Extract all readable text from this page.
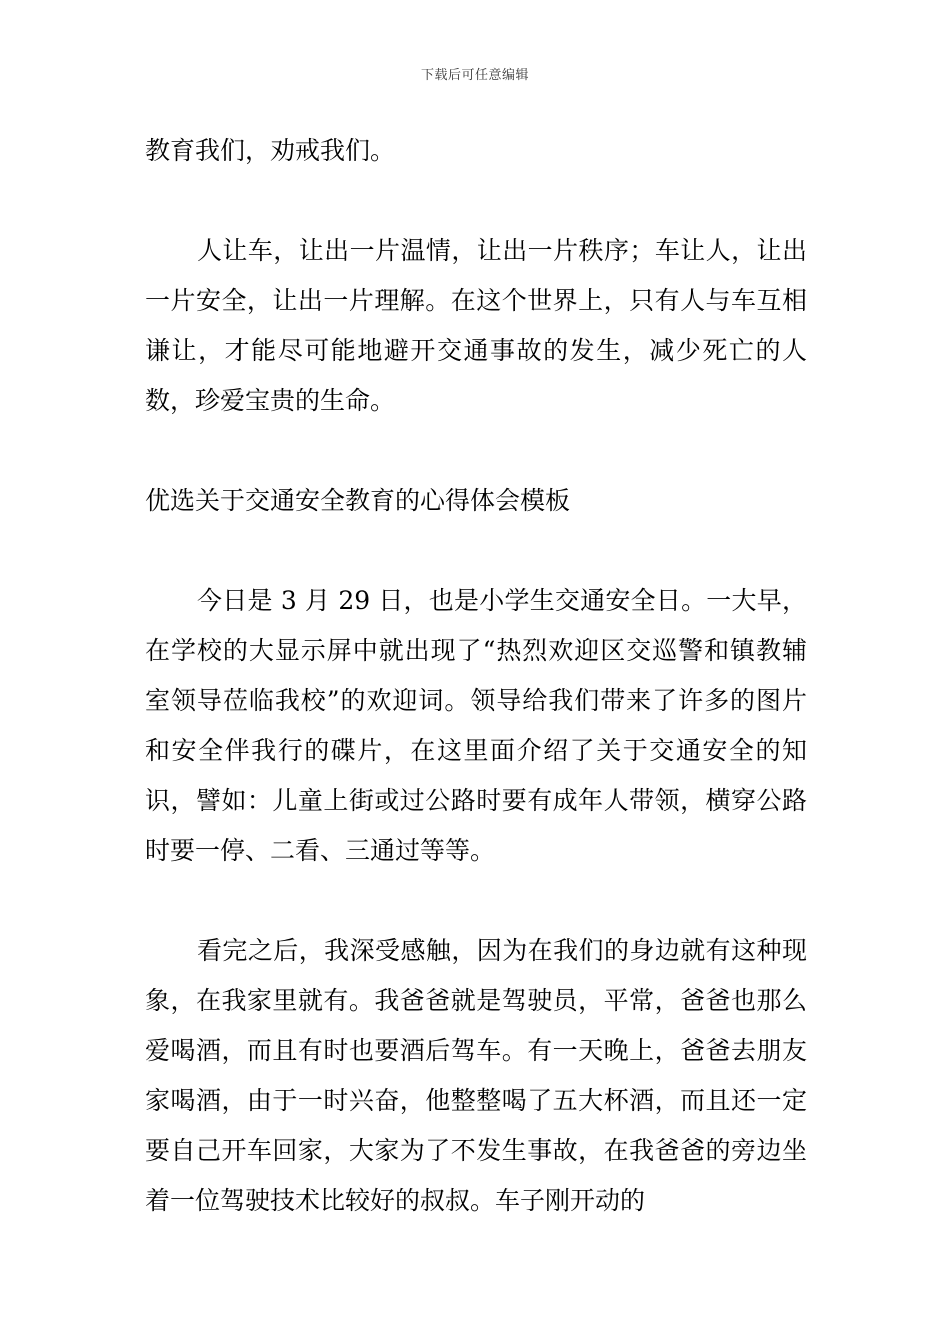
下载后可任意编辑

教育我们，劝戒我们。

人让车，让出一片温情，让出一片秩序；车让人，让出一片安全，让出一片理解。在这个世界上，只有人与车互相谦让，才能尽可能地避开交通事故的发生，减少死亡的人数，珍爱宝贵的生命。

优选关于交通安全教育的心得体会模板

今日是 3 月 29 日，也是小学生交通安全日。一大早，在学校的大显示屏中就出现了“热烈欢迎区交巡警和镇教辅室领导莅临我校”的欢迎词。领导给我们带来了许多的图片和安全伴我行的碟片，在这里面介绍了关于交通安全的知识，譬如：儿童上街或过公路时要有成年人带领，横穿公路时要一停、二看、三通过等等。

看完之后，我深受感触，因为在我们的身边就有这种现象，在我家里就有。我爸爸就是驾驶员，平常，爸爸也那么爱喝酒，而且有时也要酒后驾车。有一天晚上，爸爸去朋友家喝酒，由于一时兴奋，他整整喝了五大杯酒，而且还一定要自己开车回家，大家为了不发生事故，在我爸爸的旁边坐着一位驾驶技术比较好的叔叔。车子刚开动的
